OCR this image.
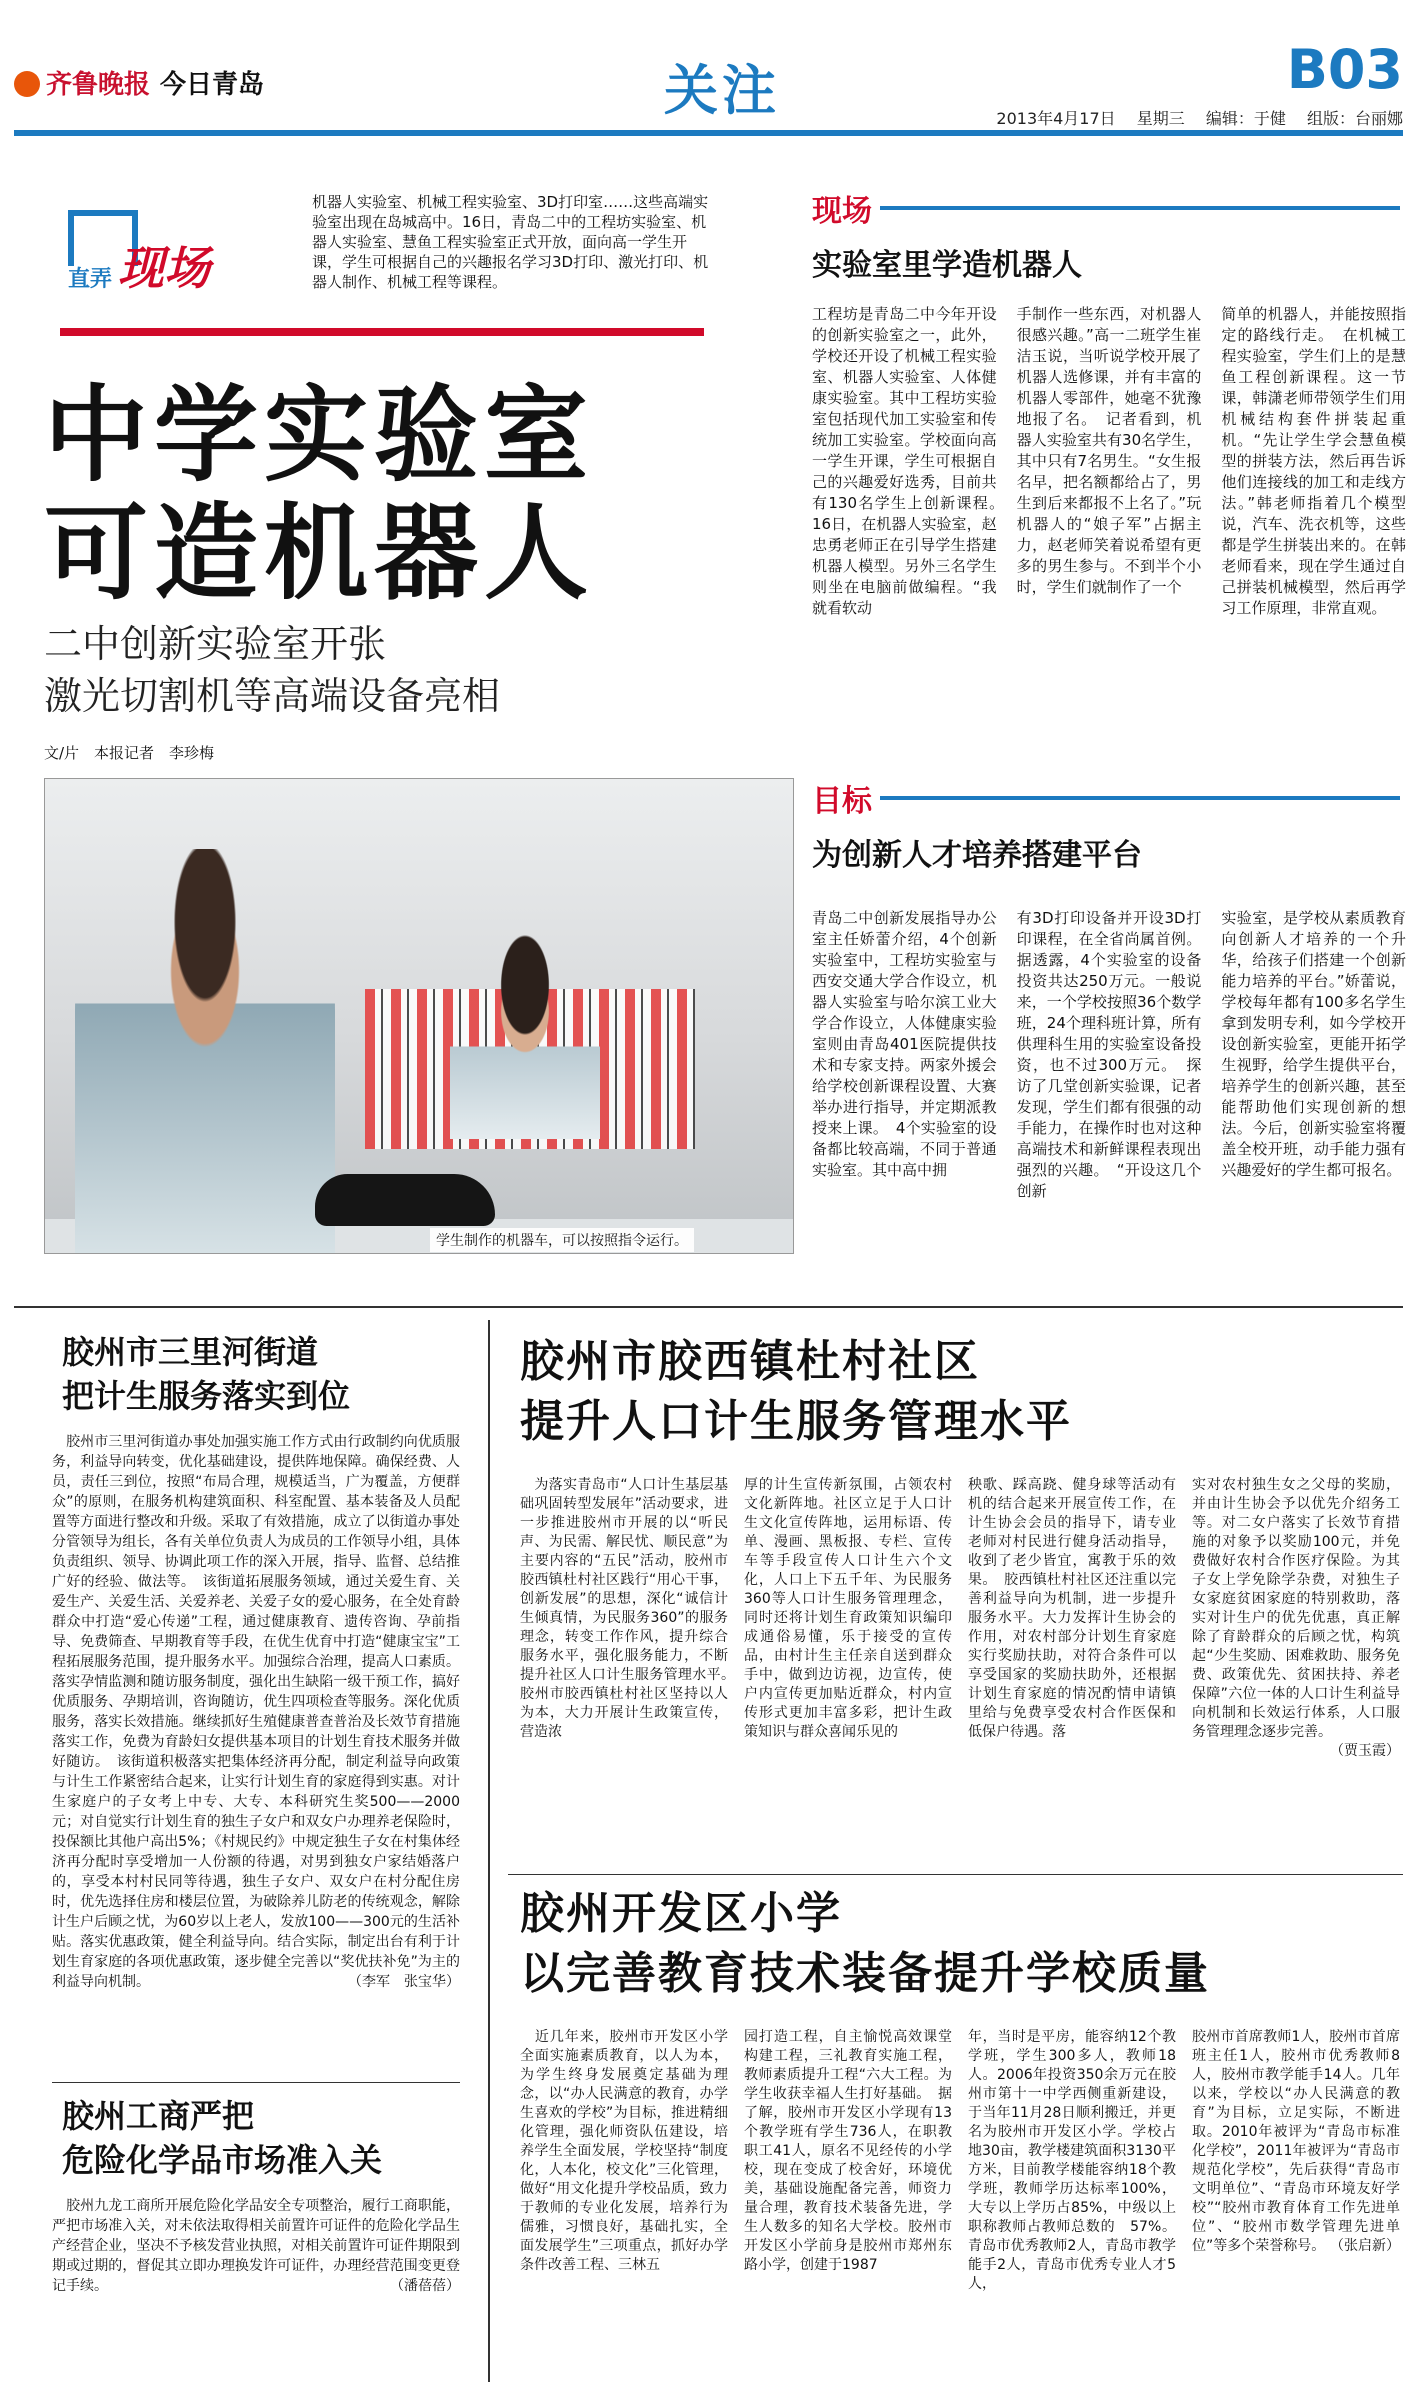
齐鲁晚报 今日青岛	关注	B03
2013年4月17日　 星期三　 编辑：于健　 组版：台丽娜
直弄 现场
机器人实验室、机械工程实验室、3D打印室……这些高端实验室出现在岛城高中。16日，青岛二中的工程坊实验室、机器人实验室、慧鱼工程实验室正式开放，面向高一学生开课，学生可根据自己的兴趣报名学习3D打印、激光打印、机器人制作、机械工程等课程。
中学实验室
可造机器人
二中创新实验室开张
激光切割机等高端设备亮相
文/片　本报记者　李珍梅
学生制作的机器车，可以按照指令运行。
现场
实验室里学造机器人
工程坊是青岛二中今年开设的创新实验室之一，此外，学校还开设了机械工程实验室、机器人实验室、人体健康实验室。其中工程坊实验室包括现代加工实验室和传统加工实验室。学校面向高一学生开课，学生可根据自己的兴趣爱好选秀，目前共有130名学生上创新课程。　16日，在机器人实验室，赵忠勇老师正在引导学生搭建机器人模型。另外三名学生则坐在电脑前做编程。“我就看软动
手制作一些东西，对机器人很感兴趣。”高一二班学生崔洁玉说，当听说学校开展了机器人选修课，并有丰富的机器人零部件，她毫不犹豫地报了名。　记者看到，机器人实验室共有30名学生，其中只有7名男生。“女生报名早，把名额都给占了，男生到后来都报不上名了。”玩机器人的“娘子军”占据主力，赵老师笑着说希望有更多的男生参与。不到半个小时，学生们就制作了一个
简单的机器人，并能按照指定的路线行走。　在机械工程实验室，学生们上的是慧鱼工程创新课程。这一节课，韩潇老师带领学生们用机械结构套件拼装起重机。“先让学生学会慧鱼模型的拼装方法，然后再告诉他们连接线的加工和走线方法。”韩老师指着几个模型说，汽车、洗衣机等，这些都是学生拼装出来的。在韩老师看来，现在学生通过自己拼装机械模型，然后再学习工作原理，非常直观。
目标
为创新人才培养搭建平台
青岛二中创新发展指导办公室主任娇蕾介绍，4个创新实验室中，工程坊实验室与西安交通大学合作设立，机器人实验室与哈尔滨工业大学合作设立，人体健康实验室则由青岛401医院提供技术和专家支持。两家外援会给学校创新课程设置、大赛举办进行指导，并定期派教授来上课。　4个实验室的设备都比较高端，不同于普通实验室。其中高中拥
有3D打印设备并开设3D打印课程，在全省尚属首例。据透露，4个实验室的设备投资共达250万元。一般说来，一个学校按照36个数学班，24个理科班计算，所有供理科生用的实验室设备投资，也不过300万元。　探访了几堂创新实验课，记者发现，学生们都有很强的动手能力，在操作时也对这种高端技术和新鲜课程表现出强烈的兴趣。　“开设这几个创新
实验室，是学校从素质教育向创新人才培养的一个升华，给孩子们搭建一个创新能力培养的平台。”娇蕾说，学校每年都有100多名学生拿到发明专利，如今学校开设创新实验室，更能开拓学生视野，给学生提供平台，培养学生的创新兴趣，甚至能帮助他们实现创新的想法。今后，创新实验室将覆盖全校开班，动手能力强有兴趣爱好的学生都可报名。
胶州市三里河街道
把计生服务落实到位
　胶州市三里河街道办事处加强实施工作方式由行政制约向优质服务，利益导向转变，优化基础建设，提供阵地保障。确保经费、人员，责任三到位，按照“布局合理，规模适当，广为覆盖，方便群众”的原则，在服务机构建筑面积、科室配置、基本装备及人员配置等方面进行整改和升级。采取了有效措施，成立了以街道办事处分管领导为组长，各有关单位负责人为成员的工作领导小组，具体负责组织、领导、协调此项工作的深入开展，指导、监督、总结推广好的经验、做法等。　该街道拓展服务领域，通过关爱生育、关爱生产、关爱生活、关爱养老、关爱子女的爱心服务，在全处育龄群众中打造“爱心传递”工程，通过健康教育、遗传咨询、孕前指导、免费筛查、早期教育等手段，在优生优育中打造“健康宝宝”工程拓展服务范围，提升服务水平。加强综合治理，提高人口素质。落实孕情监测和随访服务制度，强化出生缺陷一级干预工作，搞好优质服务、孕期培训，咨询随访，优生四项检查等服务。深化优质服务，落实长效措施。继续抓好生殖健康普查普治及长效节育措施落实工作，免费为育龄妇女提供基本项目的计划生育技术服务并做好随访。　该街道积极落实把集体经济再分配，制定利益导向政策与计生工作紧密结合起来，让实行计划生育的家庭得到实惠。对计生家庭户的子女考上中专、大专、本科研究生奖500——2000元；对自觉实行计划生育的独生子女户和双女户办理养老保险时，投保额比其他户高出5%；《村规民约》中规定独生子女在村集体经济再分配时享受增加一人份额的待遇，对男到独女户家结婚落户的，享受本村村民同等待遇，独生子女户、双女户在村分配住房时，优先选择住房和楼层位置，为破除养儿防老的传统观念，解除计生户后顾之忧，为60岁以上老人，发放100——300元的生活补贴。落实优惠政策，健全利益导向。结合实际，制定出台有利于计划生育家庭的各项优惠政策，逐步健全完善以“奖优扶补免”为主的利益导向机制。	（李军　张宝华）
胶州工商严把
危险化学品市场准入关
　胶州九龙工商所开展危险化学品安全专项整治，履行工商职能，严把市场准入关，对未依法取得相关前置许可证件的危险化学品生产经营企业，坚决不予核发营业执照，对相关前置许可证件期限到期或过期的，督促其立即办理换发许可证件，办理经营范围变更登记手续。	（潘蓓蓓）
胶州市胶西镇杜村社区
提升人口计生服务管理水平
　为落实青岛市“人口计生基层基础巩固转型发展年”活动要求，进一步推进胶州市开展的以“听民声、为民需、解民忧、顺民意”为主要内容的“五民”活动，胶州市胶西镇杜村社区践行“用心干事，创新发展”的思想，深化“诚信计生倾真情，为民服务360”的服务理念，转变工作作风，提升综合服务水平，强化服务能力，不断提升社区人口计生服务管理水平。　胶州市胶西镇杜村社区坚持以人为本，大力开展计生政策宣传，营造浓
厚的计生宣传新氛围，占领农村文化新阵地。社区立足于人口计生文化宣传阵地，运用标语、传单、漫画、黑板报、专栏、宣传车等手段宣传人口计生六个文化，人口上下五千年、为民服务360等人口计生服务管理理念，同时还将计划生育政策知识编印成通俗易懂，乐于接受的宣传品，由村计生主任亲自送到群众手中，做到边访视，边宣传，使户内宣传更加贴近群众，村内宣传形式更加丰富多彩，把计生政策知识与群众喜闻乐见的
秧歌、踩高跷、健身球等活动有机的结合起来开展宣传工作，在计生协会会员的指导下，请专业老师对村民进行健身活动指导，收到了老少皆宜，寓教于乐的效果。　胶西镇杜村社区还注重以完善利益导向为机制，进一步提升服务水平。大力发挥计生协会的作用，对农村部分计划生育家庭实行奖励扶助，对符合条件可以享受国家的奖励扶助外，还根据计划生育家庭的情况酌情申请镇里给与免费享受农村合作医保和低保户待遇。落
实对农村独生女之父母的奖励，并由计生协会予以优先介绍务工等。对二女户落实了长效节育措施的对象予以奖励100元，并免费做好农村合作医疗保险。为其子女上学免除学杂费，对独生子女家庭贫困家庭的特别救助，落实对计生户的优先优惠，真正解除了育龄群众的后顾之忧，构筑起“少生奖励、困难救助、服务免费、政策优先、贫困扶持、养老保障”六位一体的人口计生利益导向机制和长效运行体系，人口服务管理理念逐步完善。
（贾玉霞）
胶州开发区小学
以完善教育技术装备提升学校质量
　近几年来，胶州市开发区小学全面实施素质教育，以人为本，为学生终身发展奠定基础为理念，以“办人民满意的教育，办学生喜欢的学校”为目标，推进精细化管理，强化师资队伍建设，培养学生全面发展，学校坚持“制度化，人本化，校文化”三化管理，做好“用文化提升学校品质，致力于教师的专业化发展，培养行为儒雅，习惯良好，基础扎实，全面发展学生”三项重点，抓好办学条件改善工程、三林五
园打造工程，自主愉悦高效课堂构建工程，三礼教育实施工程，教师素质提升工程“六大工程。为学生收获幸福人生打好基础。　据了解，胶州市开发区小学现有13个教学班有学生736人，在职教职工41人，原名不见经传的小学校，现在变成了校舍好，环境优美，基础设施配备完善，师资力量合理，教育技术装备先进，学生人数多的知名大学校。胶州市开发区小学前身是胶州市郑州东路小学，创建于1987
年，当时是平房，能容纳12个教学班，学生300多人，教师18人。2006年投资350余万元在胶州市第十一中学西侧重新建设，于当年11月28日顺利搬迁，并更名为胶州市开发区小学。学校占地30亩，教学楼建筑面积3130平方米，目前教学楼能容纳18个教学班，教师学历达标率100%，大专以上学历占85%，中级以上职称教师占教师总数的　57%。青岛市优秀教师2人，青岛市教学能手2人，青岛市优秀专业人才5人，
胶州市首席教师1人，胶州市首席班主任1人，胶州市优秀教师8人，胶州市教学能手14人。几年以来，学校以“办人民满意的教育”为目标，立足实际，不断进取。2010年被评为“青岛市标准化学校”，2011年被评为“青岛市规范化学校”，先后获得“青岛市文明单位”、“青岛市环境友好学校”“胶州市教育体育工作先进单位”、“胶州市数学管理先进单位”等多个荣誉称号。 （张启新）
